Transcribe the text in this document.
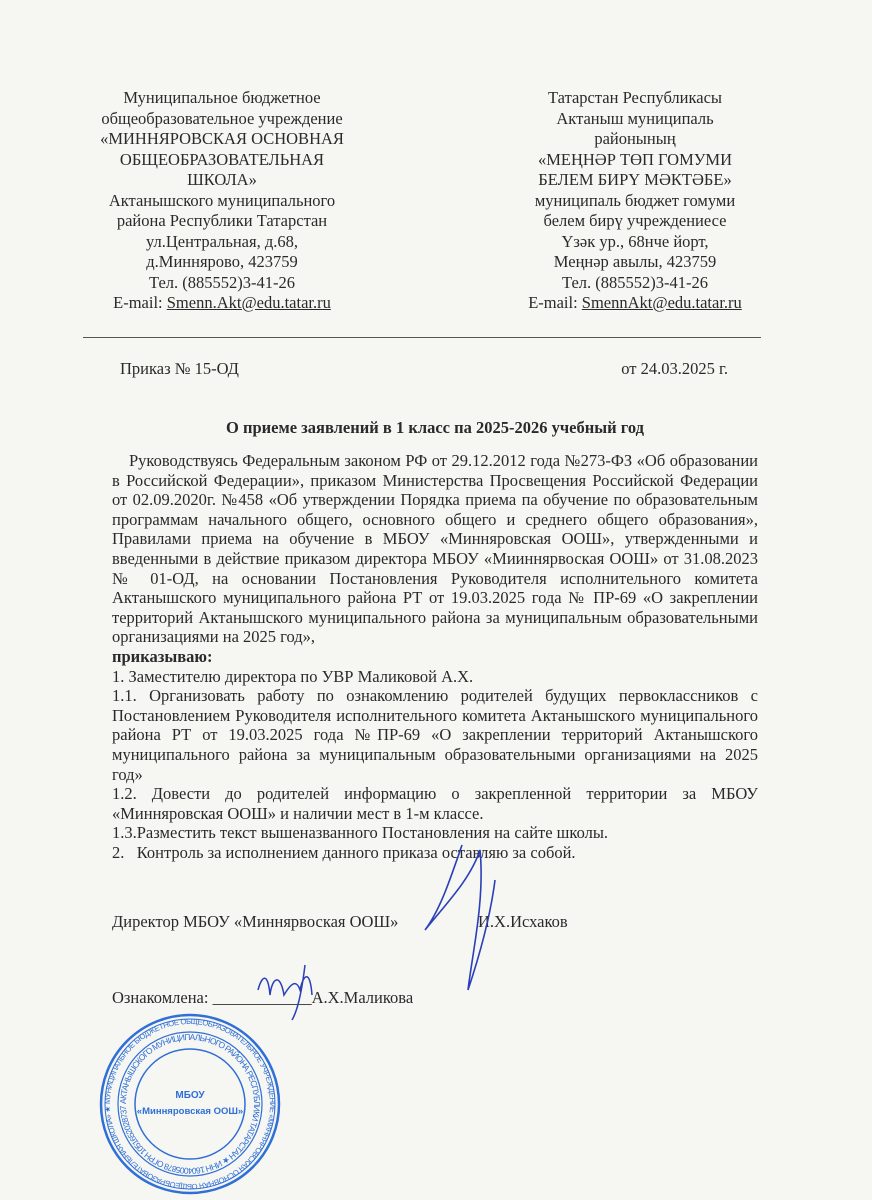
Муниципальное бюджетное
общеобразовательное учреждение
«МИННЯРОВСКАЯ ОСНОВНАЯ
ОБЩЕОБРАЗОВАТЕЛЬНАЯ
ШКОЛА»
Актанышского муниципального
района Республики Татарстан
ул.Центральная, д.68,
д.Миннярово, 423759
Тел. (885552)3-41-26
E-mail: Smenn.Akt@edu.tatar.ru
Татарстан Республикасы
Актаныш муниципаль
районының
«МЕҢНӘР ТӨП ГОМУМИ
БЕЛЕМ БИРҮ МӘКТӘБЕ»
муниципаль бюджет гомуми
белем бирү учреждениесе
Үзәк ур., 68нче йорт,
Меңнәр авылы, 423759
Тел. (885552)3-41-26
E-mail: SmennAkt@edu.tatar.ru
Приказ № 15-ОД	от 24.03.2025 г.
О приеме заявлений в 1 класс па 2025-2026 учебный год

Руководствуясь Федеральным законом РФ от 29.12.2012 года №273-ФЗ «Об образовании в Российской Федерации», приказом Министерства Просвещения Российской Федерации от 02.09.2020г. №458 «Об утверждении Порядка приема па обучение по образовательным программам начального общего, основного общего и среднего общего образования», Правилами приема на обучение в МБОУ «Минняровская ООШ», утвержденными и введенными в действие приказом директора МБОУ «Мииннярвоская ООШ» от 31.08.2023 № 01-ОД, на основании Постановления Руководителя исполнительного комитета Актанышского муниципального района РТ от 19.03.2025 года № ПР-69 «О закреплении территорий Актанышского муниципального района за муниципальным образовательными организациями на 2025 год»,
приказываю:

1. Заместителю директора по УВР Маликовой А.Х.

1.1. Организовать работу по ознакомлению родителей будущих первоклассников с Постановлением Руководителя исполнительного комитета Актанышского муниципального района РТ от 19.03.2025 года №ПР-69 «О закреплении территорий Актанышского муниципального района за муниципальным образовательными организациями на 2025 год»

1.2. Довести до родителей информацию о закрепленной территории за МБОУ «Минняровская ООШ» и наличии мест в 1-м классе.

1.3.Разместить текст вышеназванного Постановления на сайте школы.

2.   Контроль за исполнением данного приказа оставляю за собой.

Директор МБОУ «Миннярвоская ООШ»	И.Х.Исхаков
Ознакомлена: ____________А.Х.Маликова
МУНИЦИПАЛЬНОЕ БЮДЖЕТНОЕ ОБЩЕОБРАЗОВАТЕЛЬНОЕ УЧРЕЖДЕНИЕ «МИННЯРОВСКАЯ ОСНОВНАЯ ОБЩЕОБРАЗОВАТЕЛЬНАЯ ШКОЛА» ★
АКТАНЫШСКОГО МУНИЦИПАЛЬНОГО РАЙОНА РЕСПУБЛИКИ ТАТАРСТАН ★ ИНН 1604005878 ОГРН 1051652028737
МБОУ
«Минняровская ООШ»
